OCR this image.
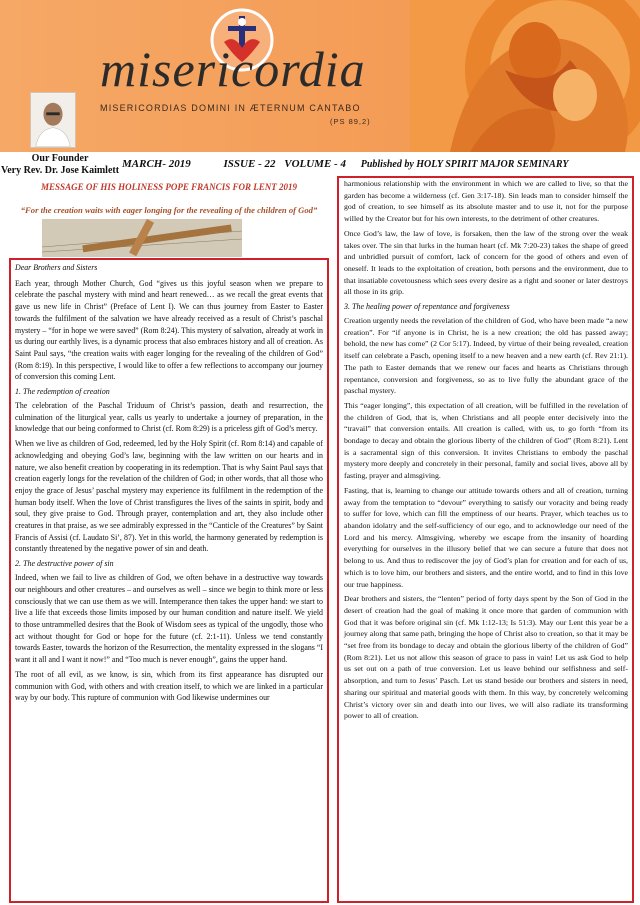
misericordia
MISERICORDIAS DOMINI IN ÆTERNUM CANTABO
(PS 89,2)
Our Founder
Very Rev. Dr. Jose Kaimlett
MARCH- 2019	ISSUE - 22 VOLUME - 4 Published by HOLY SPIRIT MAJOR SEMINARY
MESSAGE OF HIS HOLINESS POPE FRANCIS FOR LENT 2019
“For the creation waits with eager longing for the revealing of the children of God”

Dear Brothers and Sisters

Each year, through Mother Church, God “gives us this joyful season when we prepare to celebrate the paschal mystery with mind and heart renewed… as we recall the great events that gave us new life in Christ” (Preface of Lent I). We can thus journey from Easter to Easter towards the fulfilment of the salvation we have already received as a result of Christ’s paschal mystery – “for in hope we were saved” (Rom 8:24). This mystery of salvation, already at work in us during our earthly lives, is a dynamic process that also embraces history and all of creation. As Saint Paul says, “the creation waits with eager longing for the revealing of the children of God” (Rom 8:19). In this perspective, I would like to offer a few reflections to accompany our journey of conversion this coming Lent.

1. The redemption of creation

The celebration of the Paschal Triduum of Christ’s passion, death and resurrection, the culmination of the liturgical year, calls us yearly to undertake a journey of preparation, in the knowledge that our being conformed to Christ (cf. Rom 8:29) is a priceless gift of God’s mercy.

When we live as children of God, redeemed, led by the Holy Spirit (cf. Rom 8:14) and capable of acknowledging and obeying God’s law, beginning with the law written on our hearts and in nature, we also benefit creation by cooperating in its redemption. That is why Saint Paul says that creation eagerly longs for the revelation of the children of God; in other words, that all those who enjoy the grace of Jesus’ paschal mystery may experience its fulfilment in the redemption of the human body itself. When the love of Christ transfigures the lives of the saints in spirit, body and soul, they give praise to God. Through prayer, contemplation and art, they also include other creatures in that praise, as we see admirably expressed in the “Canticle of the Creatures” by Saint Francis of Assisi (cf. Laudato Si’, 87). Yet in this world, the harmony generated by redemption is constantly threatened by the negative power of sin and death.

2. The destructive power of sin

Indeed, when we fail to live as children of God, we often behave in a destructive way towards our neighbours and other creatures – and ourselves as well – since we begin to think more or less consciously that we can use them as we will. Intemperance then takes the upper hand: we start to live a life that exceeds those limits imposed by our human condition and nature itself. We yield to those untrammelled desires that the Book of Wisdom sees as typical of the ungodly, those who act without thought for God or hope for the future (cf. 2:1-11). Unless we tend constantly towards Easter, towards the horizon of the Resurrection, the mentality expressed in the slogans “I want it all and I want it now!” and “Too much is never enough”, gains the upper hand.

The root of all evil, as we know, is sin, which from its first appearance has disrupted our communion with God, with others and with creation itself, to which we are linked in a particular way by our body. This rupture of communion with God likewise undermines our

harmonious relationship with the environment in which we are called to live, so that the garden has become a wilderness (cf. Gen 3:17-18). Sin leads man to consider himself the god of creation, to see himself as its absolute master and to use it, not for the purpose willed by the Creator but for his own interests, to the detriment of other creatures.

Once God’s law, the law of love, is forsaken, then the law of the strong over the weak takes over. The sin that lurks in the human heart (cf. Mk 7:20-23) takes the shape of greed and unbridled pursuit of comfort, lack of concern for the good of others and even of oneself. It leads to the exploitation of creation, both persons and the environment, due to that insatiable covetousness which sees every desire as a right and sooner or later destroys all those in its grip.

3. The healing power of repentance and forgiveness

Creation urgently needs the revelation of the children of God, who have been made “a new creation”. For “if anyone is in Christ, he is a new creation; the old has passed away; behold, the new has come” (2 Cor 5:17). Indeed, by virtue of their being revealed, creation itself can celebrate a Pasch, opening itself to a new heaven and a new earth (cf. Rev 21:1). The path to Easter demands that we renew our faces and hearts as Christians through repentance, conversion and forgiveness, so as to live fully the abundant grace of the paschal mystery.

This “eager longing”, this expectation of all creation, will be fulfilled in the revelation of the children of God, that is, when Christians and all people enter decisively into the “travail” that conversion entails. All creation is called, with us, to go forth “from its bondage to decay and obtain the glorious liberty of the children of God” (Rom 8:21). Lent is a sacramental sign of this conversion. It invites Christians to embody the paschal mystery more deeply and concretely in their personal, family and social lives, above all by fasting, prayer and almsgiving.

Fasting, that is, learning to change our attitude towards others and all of creation, turning away from the temptation to “devour” everything to satisfy our voracity and being ready to suffer for love, which can fill the emptiness of our hearts. Prayer, which teaches us to abandon idolatry and the self-sufficiency of our ego, and to acknowledge our need of the Lord and his mercy. Almsgiving, whereby we escape from the insanity of hoarding everything for ourselves in the illusory belief that we can secure a future that does not belong to us. And thus to rediscover the joy of God’s plan for creation and for each of us, which is to love him, our brothers and sisters, and the entire world, and to find in this love our true happiness.

Dear brothers and sisters, the “lenten” period of forty days spent by the Son of God in the desert of creation had the goal of making it once more that garden of communion with God that it was before original sin (cf. Mk 1:12-13; Is 51:3). May our Lent this year be a journey along that same path, bringing the hope of Christ also to creation, so that it may be “set free from its bondage to decay and obtain the glorious liberty of the children of God” (Rom 8:21). Let us not allow this season of grace to pass in vain! Let us ask God to help us set out on a path of true conversion. Let us leave behind our selfishness and self-absorption, and turn to Jesus’ Pasch. Let us stand beside our brothers and sisters in need, sharing our spiritual and material goods with them. In this way, by concretely welcoming Christ’s victory over sin and death into our lives, we will also radiate its transforming power to all of creation.
